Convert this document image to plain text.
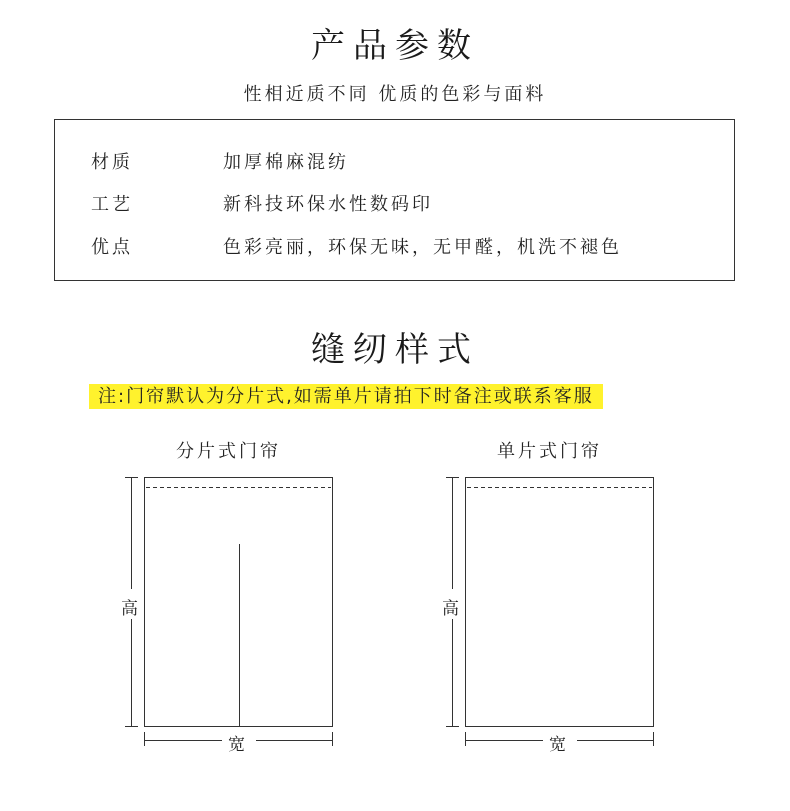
产品参数
性相近质不同 优质的色彩与面料
材质	加厚棉麻混纺
工艺	新科技环保水性数码印
优点	色彩亮丽，环保无味，无甲醛，机洗不褪色
缝纫样式
注:门帘默认为分片式,如需单片请拍下时备注或联系客服
分片式门帘
高
宽
单片式门帘
高
宽
